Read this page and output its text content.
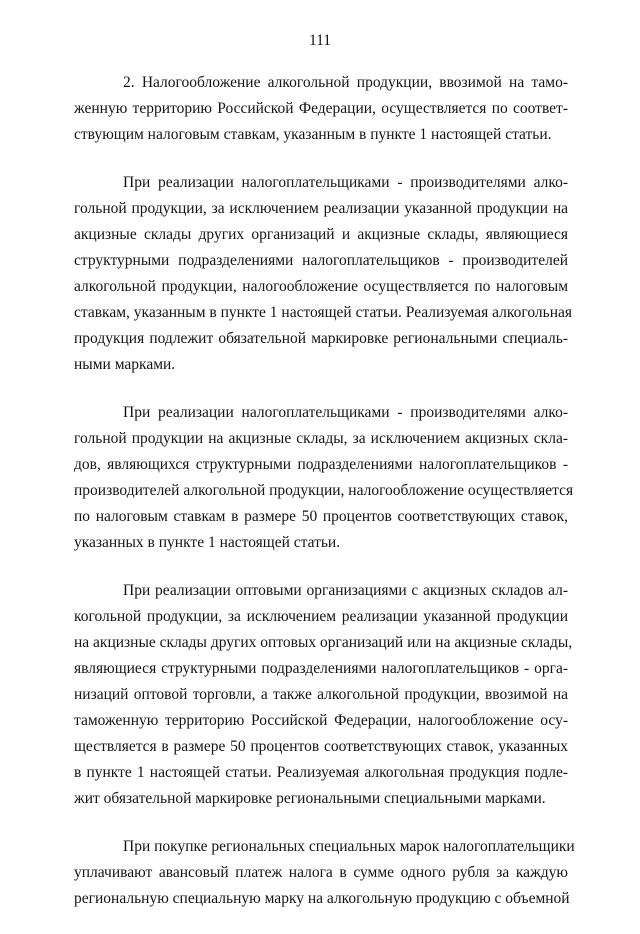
111

2. Налогообложение алкогольной продукции, ввозимой на тамо-
женную территорию Российской Федерации, осуществляется по соответ-
ствующим налоговым ставкам, указанным в пункте 1 настоящей статьи.

При реализации налогоплательщиками - производителями алко-
гольной продукции, за исключением реализации указанной продукции на
акцизные склады других организаций и акцизные склады, являющиеся
структурными подразделениями налогоплательщиков - производителей
алкогольной продукции, налогообложение осуществляется по налоговым
ставкам, указанным в пункте 1 настоящей статьи. Реализуемая алкогольная
продукция подлежит обязательной маркировке региональными специаль-
ными марками.

При реализации налогоплательщиками - производителями алко-
гольной продукции на акцизные склады, за исключением акцизных скла-
дов, являющихся структурными подразделениями налогоплательщиков -
производителей алкогольной продукции, налогообложение осуществляется
по налоговым ставкам в размере 50 процентов соответствующих ставок,
указанных в пункте 1 настоящей статьи.

При реализации оптовыми организациями с акцизных складов ал-
когольной продукции, за исключением реализации указанной продукции
на акцизные склады других оптовых организаций или на акцизные склады,
являющиеся структурными подразделениями налогоплательщиков - орга-
низаций оптовой торговли, а также алкогольной продукции, ввозимой на
таможенную территорию Российской Федерации, налогообложение осу-
ществляется в размере 50 процентов соответствующих ставок, указанных
в пункте 1 настоящей статьи. Реализуемая алкогольная продукция подле-
жит обязательной маркировке региональными специальными марками.

При покупке региональных специальных марок налогоплательщики
уплачивают авансовый платеж налога в сумме одного рубля за каждую
региональную специальную марку на алкогольную продукцию с объемной
